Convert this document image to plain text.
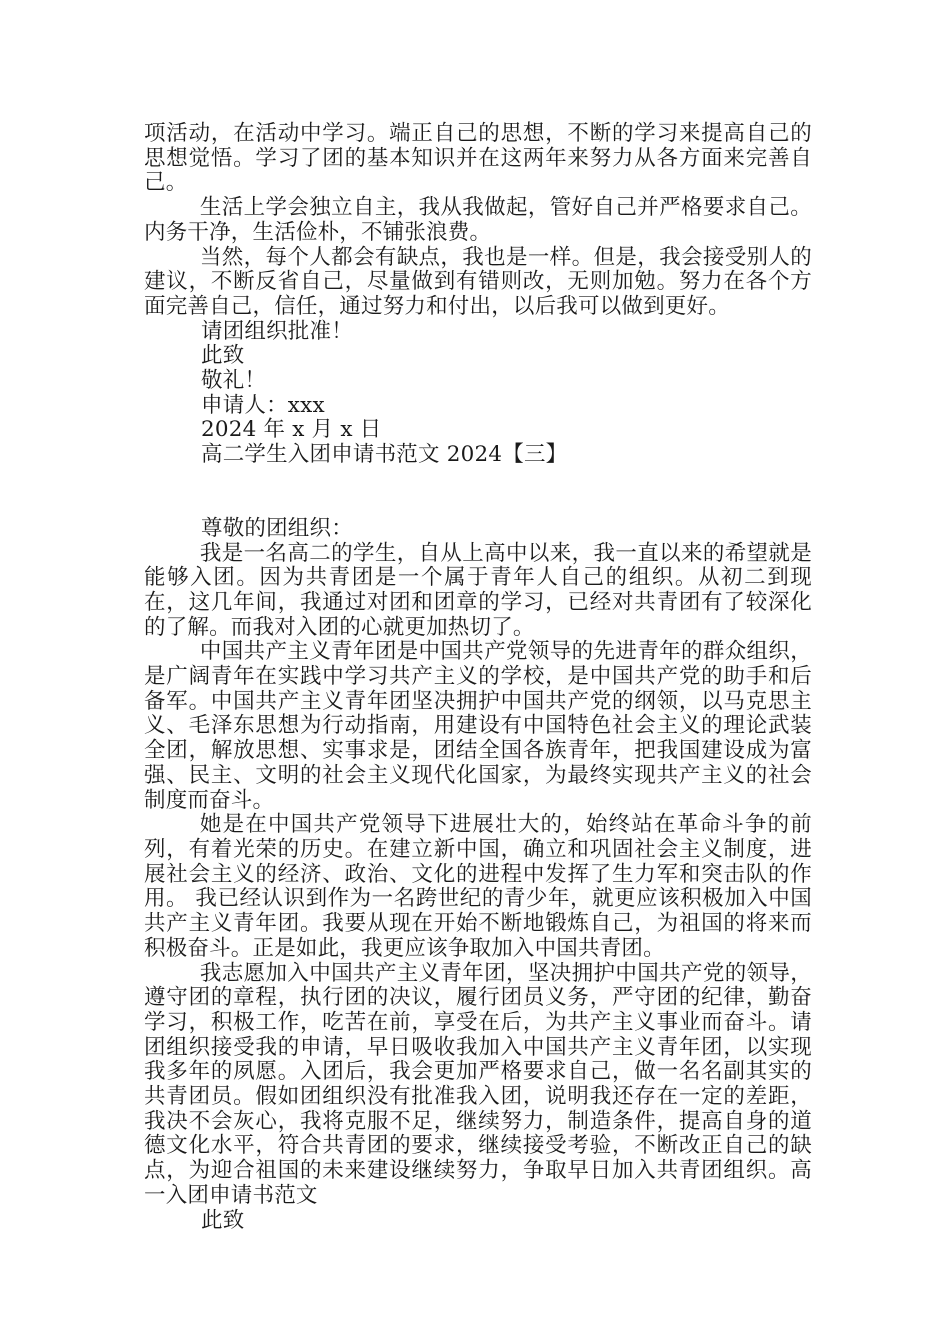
项活动，在活动中学习。端正自己的思想，不断的学习来提高自己的思想觉悟。学习了团的基本知识并在这两年来努力从各方面来完善自己。

生活上学会独立自主，我从我做起，管好自己并严格要求自己。内务干净，生活俭朴，不铺张浪费。

当然，每个人都会有缺点，我也是一样。但是，我会接受别人的建议，不断反省自己，尽量做到有错则改，无则加勉。努力在各个方面完善自己，信任，通过努力和付出，以后我可以做到更好。

请团组织批准！

此致

敬礼！

申请人：xxx

2024 年 x 月 x 日

高二学生入团申请书范文 2024【三】

尊敬的团组织：

我是一名高二的学生，自从上高中以来，我一直以来的希望就是能够入团。因为共青团是一个属于青年人自己的组织。从初二到现在，这几年间，我通过对团和团章的学习，已经对共青团有了较深化的了解。而我对入团的心就更加热切了。

中国共产主义青年团是中国共产党领导的先进青年的群众组织，是广阔青年在实践中学习共产主义的学校，是中国共产党的助手和后备军。中国共产主义青年团坚决拥护中国共产党的纲领，以马克思主义、毛泽东思想为行动指南，用建设有中国特色社会主义的理论武装全团，解放思想、实事求是，团结全国各族青年，把我国建设成为富强、民主、文明的社会主义现代化国家，为最终实现共产主义的社会制度而奋斗。

她是在中国共产党领导下进展壮大的，始终站在革命斗争的前列，有着光荣的历史。在建立新中国，确立和巩固社会主义制度，进展社会主义的经济、政治、文化的进程中发挥了生力军和突击队的作用。 我已经认识到作为一名跨世纪的青少年，就更应该积极加入中国共产主义青年团。我要从现在开始不断地锻炼自己，为祖国的将来而积极奋斗。正是如此，我更应该争取加入中国共青团。

我志愿加入中国共产主义青年团，坚决拥护中国共产党的领导，遵守团的章程，执行团的决议，履行团员义务，严守团的纪律，勤奋学习，积极工作，吃苦在前，享受在后，为共产主义事业而奋斗。请团组织接受我的申请，早日吸收我加入中国共产主义青年团，以实现我多年的夙愿。入团后，我会更加严格要求自己，做一名名副其实的共青团员。假如团组织没有批准我入团，说明我还存在一定的差距，我决不会灰心，我将克服不足，继续努力，制造条件，提高自身的道德文化水平，符合共青团的要求，继续接受考验，不断改正自己的缺点，为迎合祖国的未来建设继续努力，争取早日加入共青团组织。高一入团申请书范文

此致
